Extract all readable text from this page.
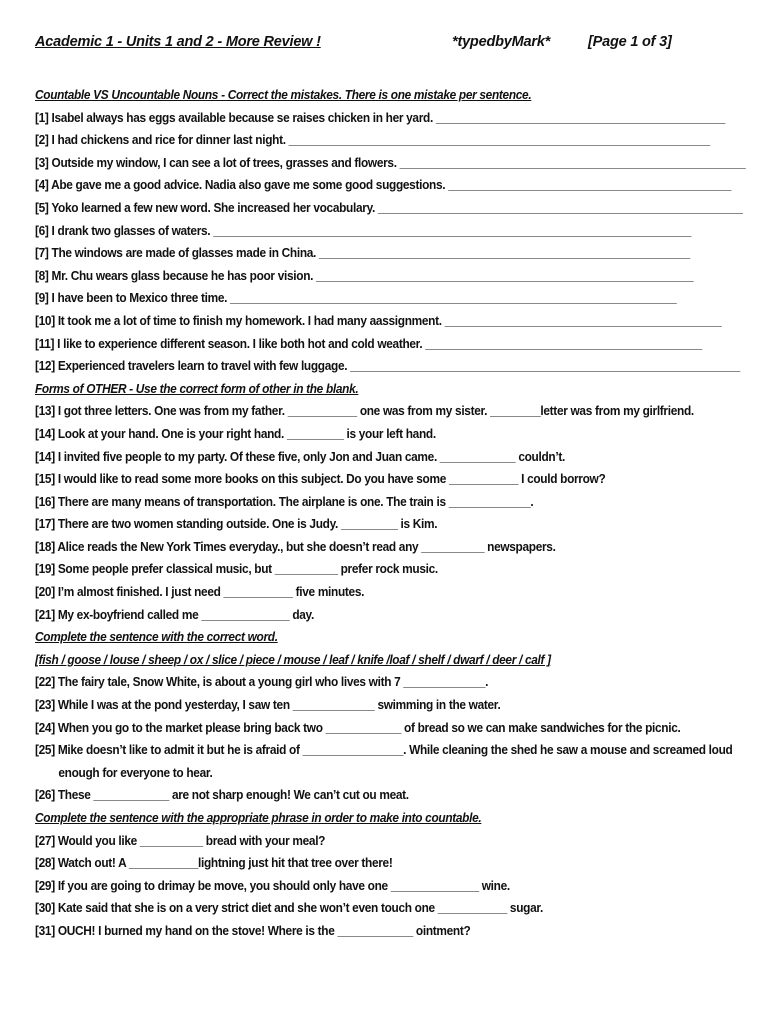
Academic 1 - Units 1 and 2 - More Review !	*typedbyMark*	[Page 1 of 3]
Countable VS Uncountable Nouns - Correct the mistakes. There is one mistake per sentence.
[1] Isabel always has eggs available because se raises chicken in her yard. ______________________________________________
[2] I had chickens and rice for dinner last night. ___________________________________________________________________
[3] Outside my window, I can see a lot of trees, grasses and flowers. _______________________________________________________
[4] Abe gave me a good advice. Nadia also gave me some good suggestions. _____________________________________________
[5] Yoko learned a few new word. She increased her vocabulary. __________________________________________________________
[6] I drank two glasses of waters. ____________________________________________________________________________
[7] The windows are made of glasses made in China. ___________________________________________________________
[8] Mr. Chu wears glass because he has poor vision. ____________________________________________________________
[9] I have been to Mexico three time. _______________________________________________________________________
[10] It took me a lot of time to finish my homework. I had many aassignment. ____________________________________________
[11] I like to experience different season. I like both hot and cold weather. ____________________________________________
[12] Experienced travelers learn to travel with few luggage. ______________________________________________________________
Forms of OTHER - Use the correct form of other in the blank.
[13] I got three letters. One was from my father. ___________ one was from my sister. ________letter was from my girlfriend.
[14] Look at your hand. One is your right hand. _________ is your left hand.
[14] I invited five people to my party. Of these five, only Jon and Juan came. ____________ couldn’t.
[15] I would like to read some more books on this subject. Do you have some ___________ I could borrow?
[16] There are many means of transportation. The airplane is one. The train is _____________.
[17] There are two women standing outside. One is Judy. _________ is Kim.
[18] Alice reads the New York Times everyday., but she doesn’t read any __________ newspapers.
[19] Some people prefer classical music, but __________ prefer rock music.
[20] I’m almost finished. I just need ___________ five minutes.
[21] My ex-boyfriend called me ______________ day.
Complete the sentence with the correct word.
[fish / goose / louse / sheep / ox / slice / piece / mouse / leaf / knife /loaf / shelf / dwarf / deer / calf ]
[22] The fairy tale, Snow White, is about a young girl who lives with 7 _____________.
[23] While I was at the pond yesterday, I saw ten _____________ swimming in the water.
[24] When you go to the market please bring back two ____________ of bread so we can make sandwiches for the picnic.
[25] Mike doesn’t like to admit it but he is afraid of ________________. While cleaning the shed he saw a mouse and screamed loud
enough for everyone to hear.
[26] These ____________ are not sharp enough! We can’t cut ou meat.
Complete the sentence with the appropriate phrase in order to make into countable.
[27] Would you like __________ bread with your meal?
[28] Watch out! A ___________lightning just hit that tree over there!
[29] If you are going to drimay be move, you should only have one ______________ wine.
[30] Kate said that she is on a very strict diet and she won’t even touch one ___________ sugar.
[31] OUCH! I burned my hand on the stove! Where is the ____________ ointment?
